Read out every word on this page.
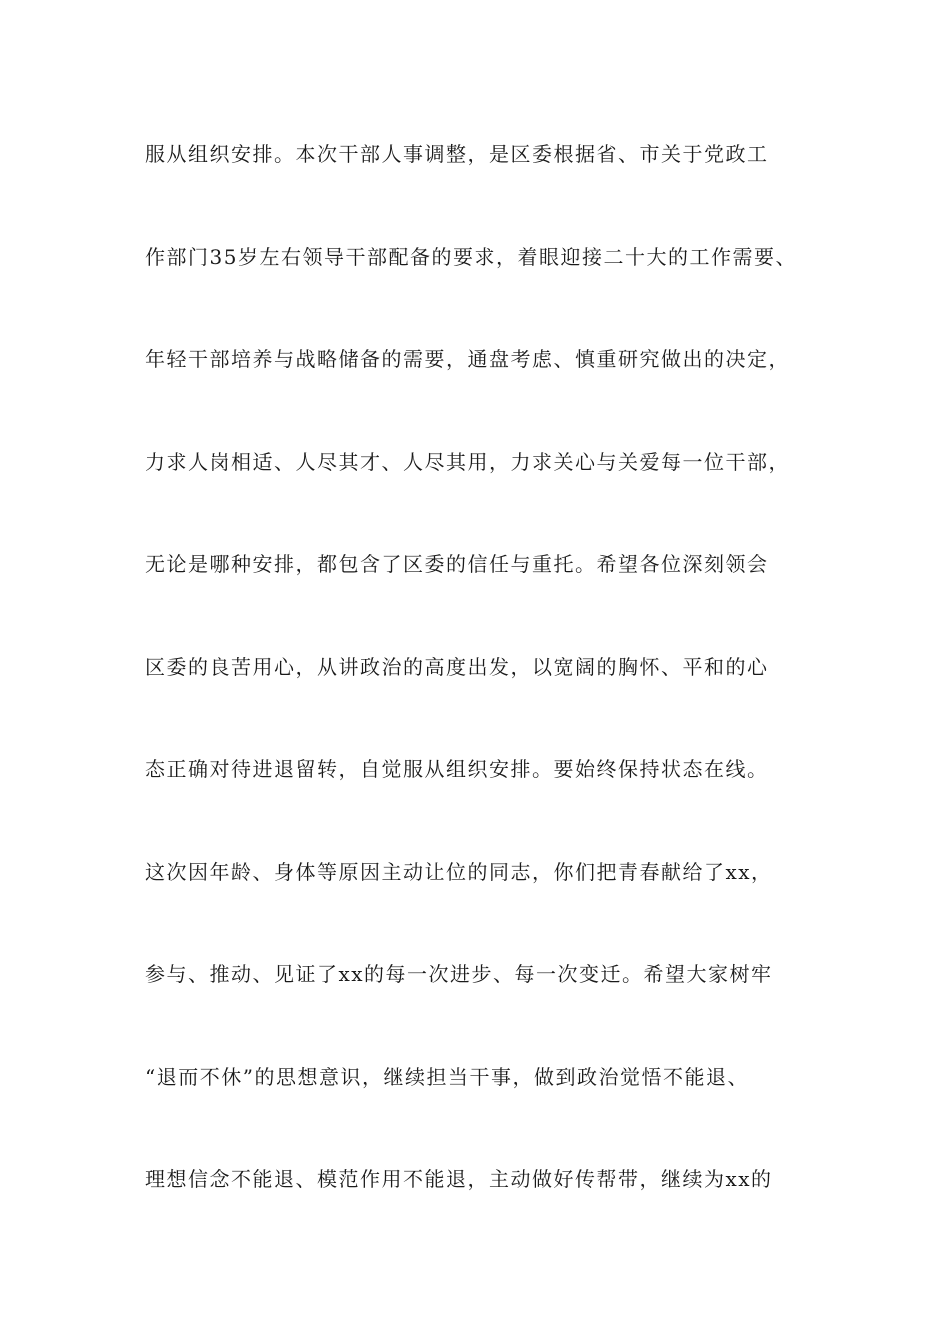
服从组织安排。本次干部人事调整，是区委根据省、市关于党政工
作部门35岁左右领导干部配备的要求，着眼迎接二十大的工作需要、
年轻干部培养与战略储备的需要，通盘考虑、慎重研究做出的决定，
力求人岗相适、人尽其才、人尽其用，力求关心与关爱每一位干部，
无论是哪种安排，都包含了区委的信任与重托。希望各位深刻领会
区委的良苦用心，从讲政治的高度出发，以宽阔的胸怀、平和的心
态正确对待进退留转，自觉服从组织安排。要始终保持状态在线。
这次因年龄、身体等原因主动让位的同志，你们把青春献给了xx，
参与、推动、见证了xx的每一次进步、每一次变迁。希望大家树牢
“退而不休”的思想意识，继续担当干事，做到政治觉悟不能退、
理想信念不能退、模范作用不能退，主动做好传帮带，继续为xx的
